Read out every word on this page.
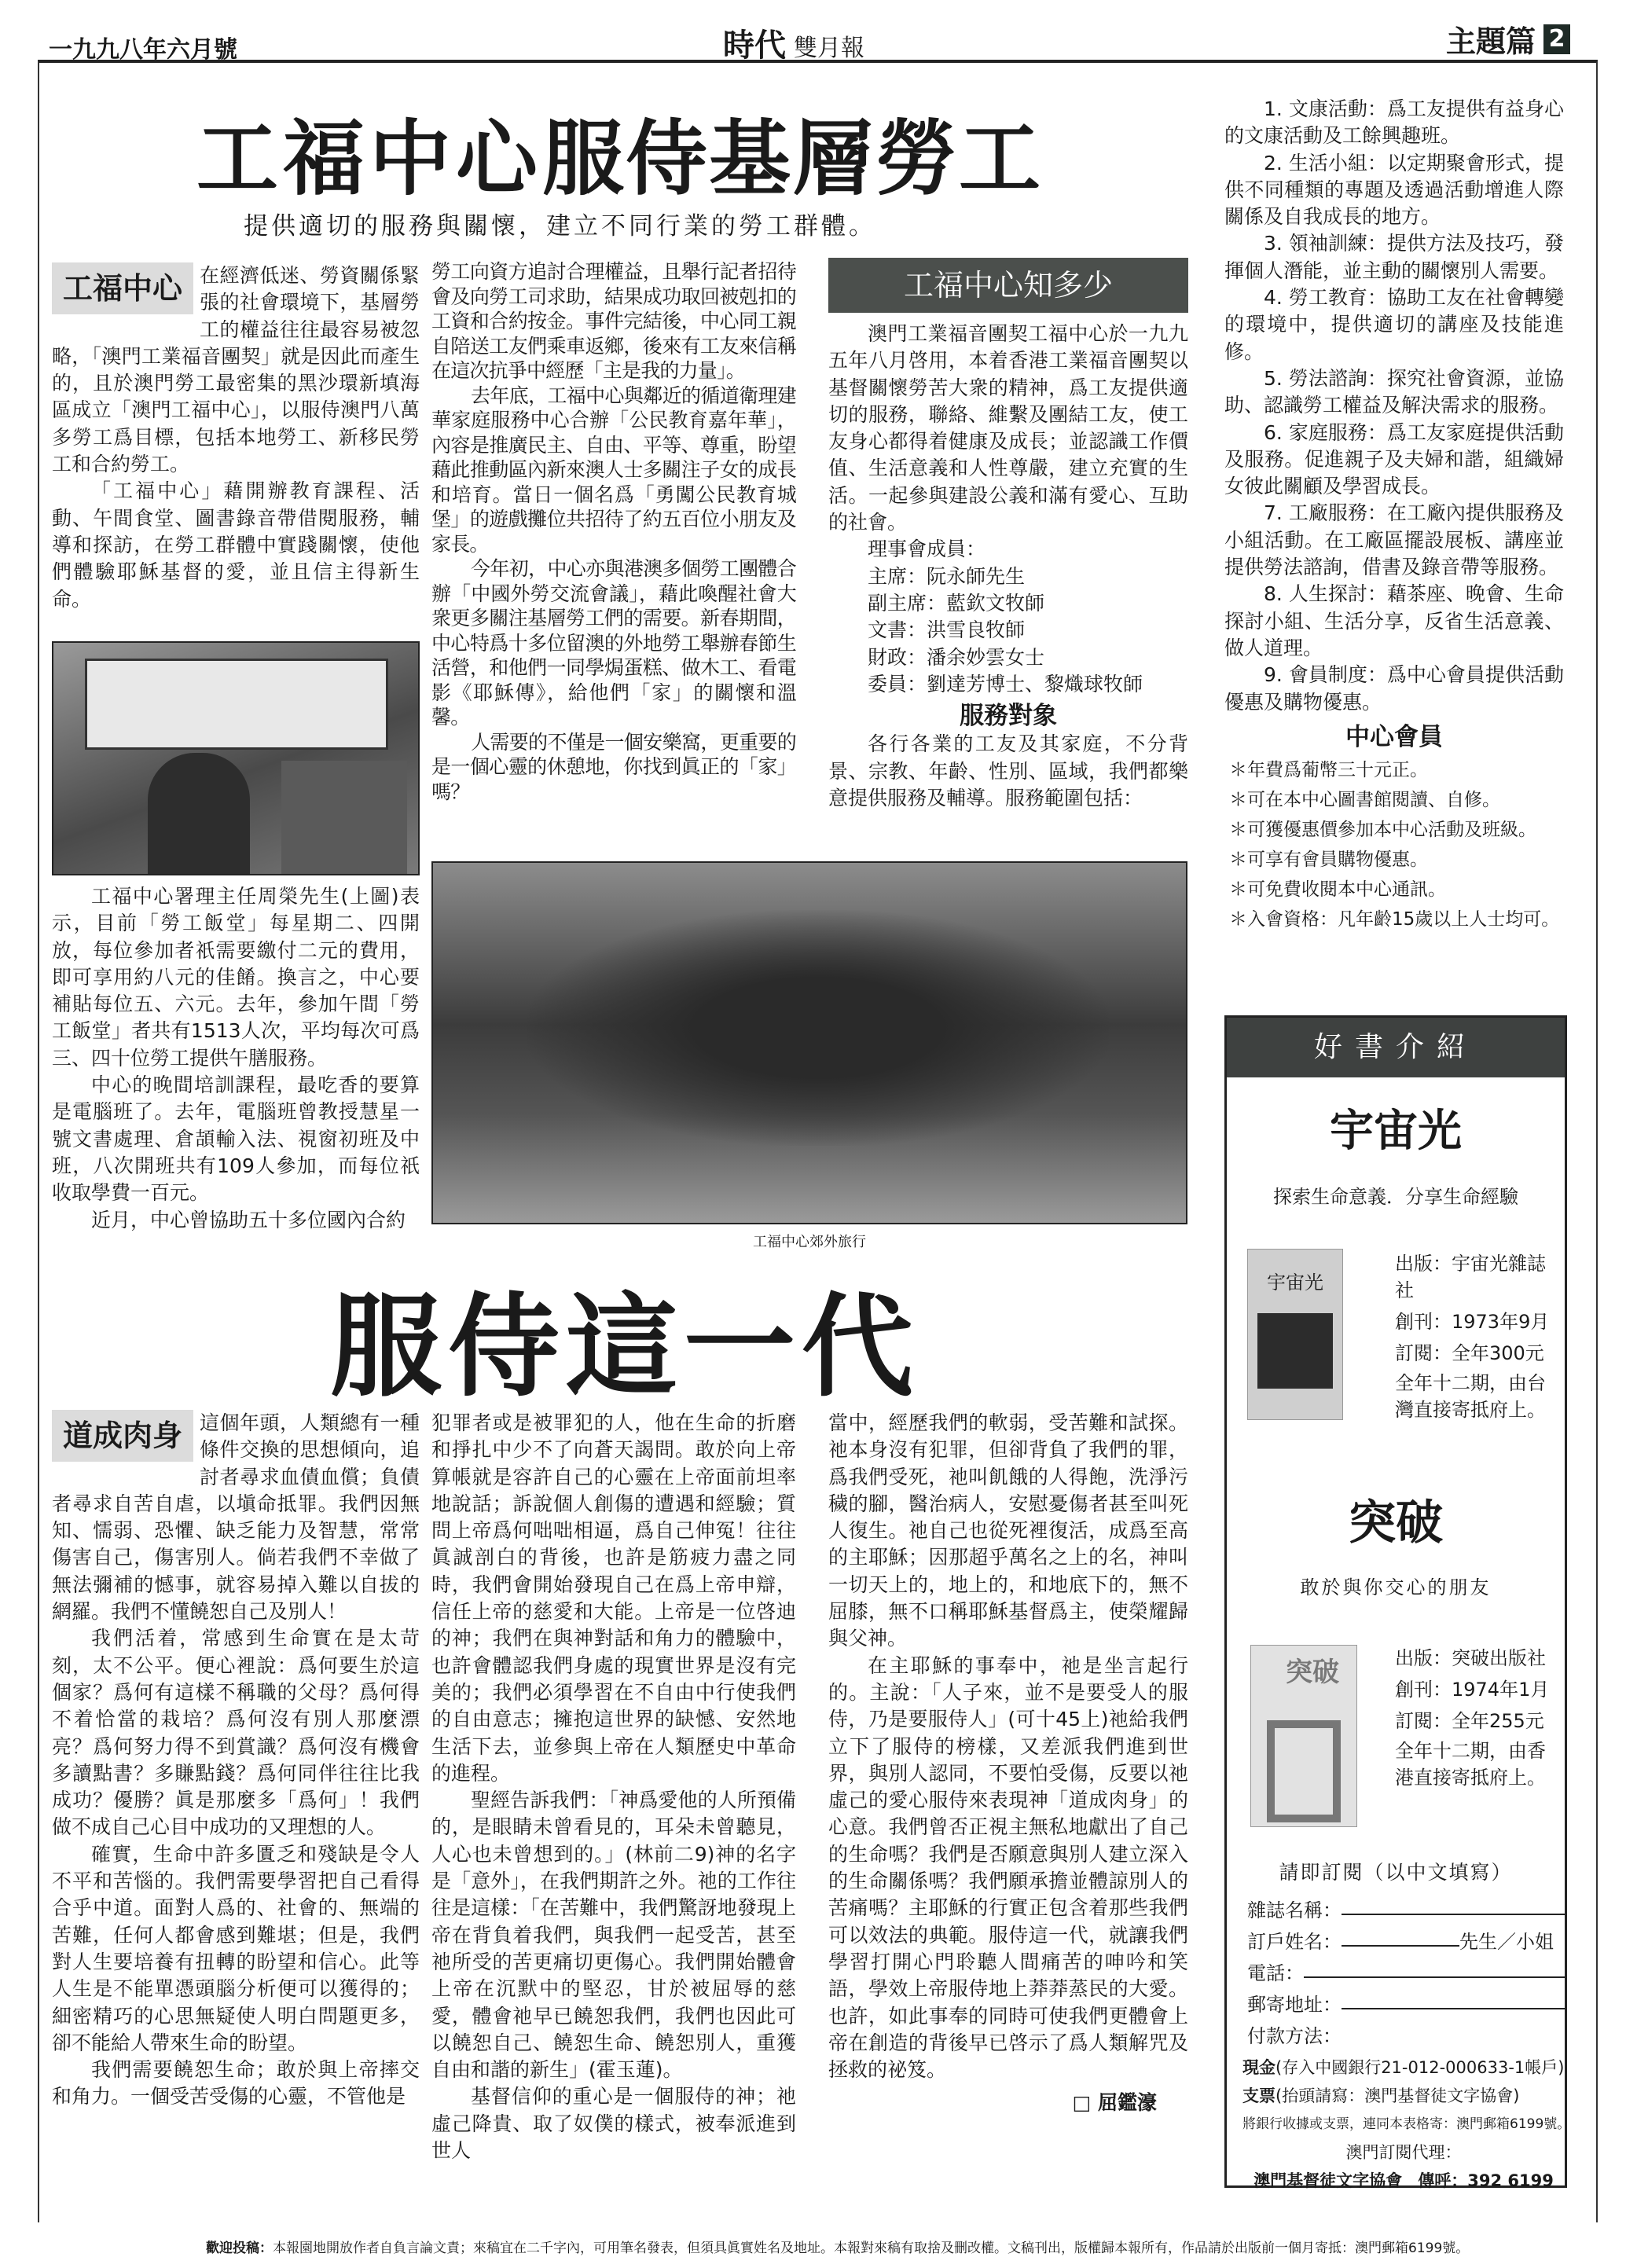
一九九八年六月號	時代 雙月報	主題篇 2
工福中心服侍基層勞工
提供適切的服務與關懷，建立不同行業的勞工群體。
工福中心 在經濟低迷、勞資關係緊張的社會環境下，基層勞工的權益往往最容易被忽略，「澳門工業福音團契」就是因此而產生的，且於澳門勞工最密集的黑沙環新填海區成立「澳門工福中心」，以服侍澳門八萬多勞工爲目標，包括本地勞工、新移民勞工和合約勞工。

「工福中心」藉開辦教育課程、活動、午間食堂、圖書錄音帶借閱服務，輔導和探訪，在勞工群體中實踐關懷，使他們體驗耶穌基督的愛，並且信主得新生命。

工福中心署理主任周榮先生(上圖)表示，目前「勞工飯堂」每星期二、四開放，每位參加者祇需要繳付二元的費用，即可享用約八元的佳餚。換言之，中心要補貼每位五、六元。去年，參加午間「勞工飯堂」者共有1513人次，平均每次可爲三、四十位勞工提供午膳服務。

中心的晚間培訓課程，最吃香的要算是電腦班了。去年，電腦班曾教授慧星一號文書處理、倉頡輸入法、視窗初班及中班，八次開班共有109人參加，而每位祇收取學費一百元。

近月，中心曾協助五十多位國內合約

勞工向資方追討合理權益，且舉行記者招待會及向勞工司求助，結果成功取回被剋扣的工資和合約按金。事件完結後，中心同工親自陪送工友們乘車返鄉，後來有工友來信稱在這次抗爭中經歷「主是我的力量」。

去年底，工福中心與鄰近的循道衛理建華家庭服務中心合辦「公民教育嘉年華」，內容是推廣民主、自由、平等、尊重，盼望藉此推動區內新來澳人士多關注子女的成長和培育。當日一個名爲「勇闖公民教育城堡」的遊戲攤位共招待了約五百位小朋友及家長。

今年初，中心亦與港澳多個勞工團體合辦「中國外勞交流會議」，藉此喚醒社會大衆更多關注基層勞工們的需要。新春期間，中心特爲十多位留澳的外地勞工舉辦春節生活營，和他們一同學焗蛋糕、做木工、看電影《耶穌傳》，給他們「家」的關懷和溫馨。

人需要的不僅是一個安樂窩，更重要的是一個心靈的休憩地，你找到眞正的「家」嗎？

工福中心知多少

澳門工業福音團契工福中心於一九九五年八月啓用，本着香港工業福音團契以基督關懷勞苦大衆的精神，爲工友提供適切的服務，聯絡、維繫及團結工友，使工友身心都得着健康及成長；並認識工作價值、生活意義和人性尊嚴，建立充實的生活。一起參與建設公義和滿有愛心、互助的社會。

理事會成員：
主席：阮永師先生
副主席：藍欽文牧師
文書：洪雪良牧師
財政：潘余妙雲女士
委員：劉達芳博士、黎熾球牧師
服務對象

各行各業的工友及其家庭，不分背景、宗教、年齡、性別、區域，我們都樂意提供服務及輔導。服務範圍包括：

工福中心郊外旅行

1. 文康活動：爲工友提供有益身心的文康活動及工餘興趣班。

2. 生活小組：以定期聚會形式，提供不同種類的專題及透過活動增進人際關係及自我成長的地方。

3. 領袖訓練：提供方法及技巧，發揮個人潛能，並主動的關懷別人需要。

4. 勞工教育：協助工友在社會轉變的環境中，提供適切的講座及技能進修。

5. 勞法諮詢：探究社會資源，並協助、認識勞工權益及解決需求的服務。

6. 家庭服務：爲工友家庭提供活動及服務。促進親子及夫婦和諧，組織婦女彼此關顧及學習成長。

7. 工廠服務：在工廠內提供服務及小組活動。在工廠區擺設展板、講座並提供勞法諮詢，借書及錄音帶等服務。

8. 人生探討：藉茶座、晚會、生命探討小組、生活分享，反省生活意義、做人道理。

9. 會員制度：爲中心會員提供活動優惠及購物優惠。

中心會員
＊年費爲葡幣三十元正。
＊可在本中心圖書館閱讀、自修。
＊可獲優惠價參加本中心活動及班級。
＊可享有會員購物優惠。
＊可免費收閱本中心通訊。
＊入會資格：凡年齡15歲以上人士均可。
好書介紹
宇宙光
探索生命意義．分享生命經驗
宇宙光
出版：宇宙光雜誌社
創刊：1973年9月
訂閱：全年300元
全年十二期，由台灣直接寄抵府上。
突破
敢於與你交心的朋友
突破	出版：突破出版社
創刊：1974年1月
訂閱：全年255元
全年十二期，由香港直接寄抵府上。
請即訂閱（以中文填寫）
雜誌名稱：
訂戶姓名：	先生／小姐
電話：
郵寄地址：
付款方法：
現金(存入中國銀行21-012-000633-1帳戶)
支票(抬頭請寫：澳門基督徒文字協會)
將銀行收據或支票，連同本表格寄：澳門郵箱6199號。
澳門訂閱代理：
澳門基督徒文字協會 傳呼：392 6199
服侍這一代
道成肉身 這個年頭，人類總有一種條件交換的思想傾向，追討者尋求血債血償；負債者尋求自苦自虐，以塡命抵罪。我們因無知、懦弱、恐懼、缺乏能力及智慧，常常傷害自己，傷害別人。倘若我們不幸做了無法彌補的憾事，就容易掉入難以自拔的網羅。我們不懂饒恕自己及別人！

我們活着，常感到生命實在是太苛刻，太不公平。便心裡說：爲何要生於這個家？爲何有這樣不稱職的父母？爲何得不着恰當的栽培？爲何沒有別人那麼漂亮？爲何努力得不到賞識？爲何沒有機會多讀點書？多賺點錢？爲何同伴往往比我成功？優勝？眞是那麼多「爲何」！我們做不成自己心目中成功的又理想的人。

確實，生命中許多匱乏和殘缺是令人不平和苦惱的。我們需要學習把自己看得合乎中道。面對人爲的、社會的、無端的苦難，任何人都會感到難堪；但是，我們對人生要培養有扭轉的盼望和信心。此等人生是不能單憑頭腦分析便可以獲得的；細密精巧的心思無疑使人明白問題更多，卻不能給人帶來生命的盼望。

我們需要饒恕生命；敢於與上帝摔交和角力。一個受苦受傷的心靈，不管他是

犯罪者或是被罪犯的人，他在生命的折磨和掙扎中少不了向蒼天謁問。敢於向上帝算帳就是容許自己的心靈在上帝面前坦率地說話；訴說個人創傷的遭遇和經驗；質問上帝爲何咄咄相逼，爲自己伸冤！往往眞誠剖白的背後，也許是筋疲力盡之同時，我們會開始發現自己在爲上帝申辯，信任上帝的慈愛和大能。上帝是一位啓迪的神；我們在與神對話和角力的體驗中，也許會體認我們身處的現實世界是沒有完美的；我們必須學習在不自由中行使我們的自由意志；擁抱這世界的缺憾、安然地生活下去，並參與上帝在人類歷史中革命的進程。

聖經告訴我們：「神爲愛他的人所預備的，是眼睛未曾看見的，耳朵未曾聽見，人心也未曾想到的。」(林前二9)神的名字是「意外」，在我們期許之外。祂的工作往往是這樣：「在苦難中，我們驚訝地發現上帝在背負着我們，與我們一起受苦，甚至祂所受的苦更痛切更傷心。我們開始體會上帝在沉默中的堅忍，甘於被屈辱的慈愛，體會祂早已饒恕我們，我們也因此可以饒恕自己、饒恕生命、饒恕別人，重獲自由和諧的新生」(霍玉蓮)。

基督信仰的重心是一個服侍的神；祂虛己降貴、取了奴僕的樣式，被奉派進到世人

當中，經歷我們的軟弱，受苦難和試探。祂本身沒有犯罪，但卻背負了我們的罪，爲我們受死，祂叫飢餓的人得飽，洗淨污穢的腳，醫治病人，安慰憂傷者甚至叫死人復生。祂自己也從死裡復活，成爲至高的主耶穌；因那超乎萬名之上的名，神叫一切天上的，地上的，和地底下的，無不屈膝，無不口稱耶穌基督爲主，使榮耀歸與父神。

在主耶穌的事奉中，祂是坐言起行的。主說：「人子來，並不是要受人的服侍，乃是要服侍人」(可十45上)祂給我們立下了服侍的榜樣，又差派我們進到世界，與別人認同，不要怕受傷，反要以祂虛己的愛心服侍來表現神「道成肉身」的心意。我們曾否正視主無私地獻出了自己的生命嗎？我們是否願意與別人建立深入的生命關係嗎？我們願承擔並體諒別人的苦痛嗎？主耶穌的行實正包含着那些我們可以效法的典範。服侍這一代，就讓我們學習打開心門聆聽人間痛苦的呻吟和笑語，學效上帝服侍地上莽莽蒸民的大愛。也許，如此事奉的同時可使我們更體會上帝在創造的背後早已啓示了爲人類解咒及拯救的祕笈。

□ 屈鑑濠
歡迎投稿：本報園地開放作者自負言論文責；來稿宜在二千字內，可用筆名發表，但須具眞實姓名及地址。本報對來稿有取捨及刪改權。文稿刊出，版權歸本報所有，作品請於出版前一個月寄抵：澳門郵箱6199號。
